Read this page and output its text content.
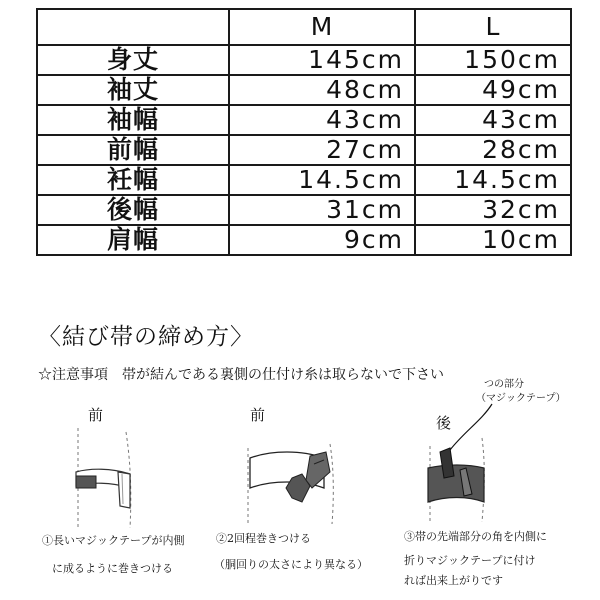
	M	L
身丈	145cm	150cm
袖丈	48cm	49cm
袖幅	43cm	43cm
前幅	27cm	28cm
衽幅	14.5cm	14.5cm
後幅	31cm	32cm
肩幅	9cm	10cm
〈結び帯の締め方〉
☆注意事項　帯が結んである裏側の仕付け糸は取らないで下さい
前
①長いマジックテープが内側
に成るように巻きつける
前
②2回程巻きつける
（胴回りの太さにより異なる）
後
つの部分
（マジックテープ）
③帯の先端部分の角を内側に
折りマジックテープに付け
れば出来上がりです
